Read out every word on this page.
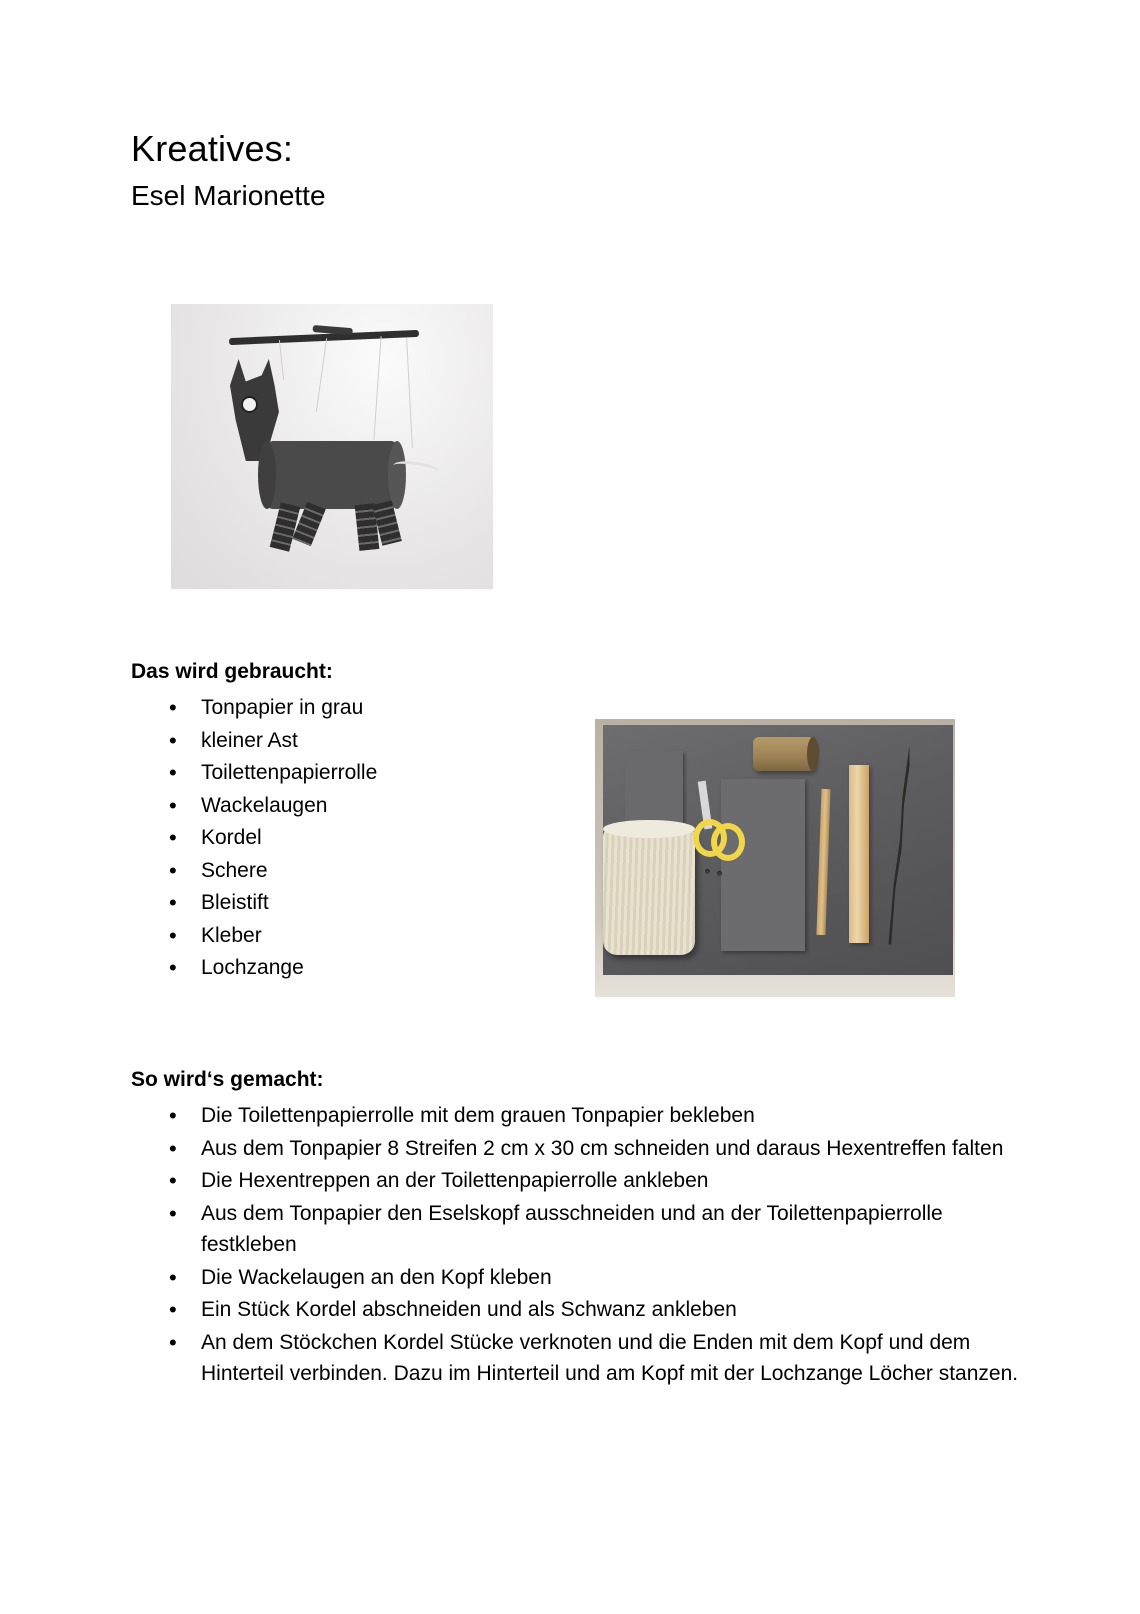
Kreatives:
Esel Marionette

Das wird gebraucht:

• Tonpapier in grau
• kleiner Ast
• Toilettenpapierrolle
• Wackelaugen
• Kordel
• Schere
• Bleistift
• Kleber
• Lochzange

So wird‘s gemacht:

• Die Toilettenpapierrolle mit dem grauen Tonpapier bekleben
• Aus dem Tonpapier 8 Streifen 2 cm x 30 cm schneiden und daraus Hexentreffen falten
• Die Hexentreppen an der Toilettenpapierrolle ankleben
• Aus dem Tonpapier den Eselskopf ausschneiden und an der Toilettenpapierrolle festkleben
• Die Wackelaugen an den Kopf kleben
• Ein Stück Kordel abschneiden und als Schwanz ankleben
• An dem Stöckchen Kordel Stücke verknoten und die Enden mit dem Kopf und dem Hinterteil verbinden. Dazu im Hinterteil und am Kopf mit der Lochzange Löcher stanzen.
